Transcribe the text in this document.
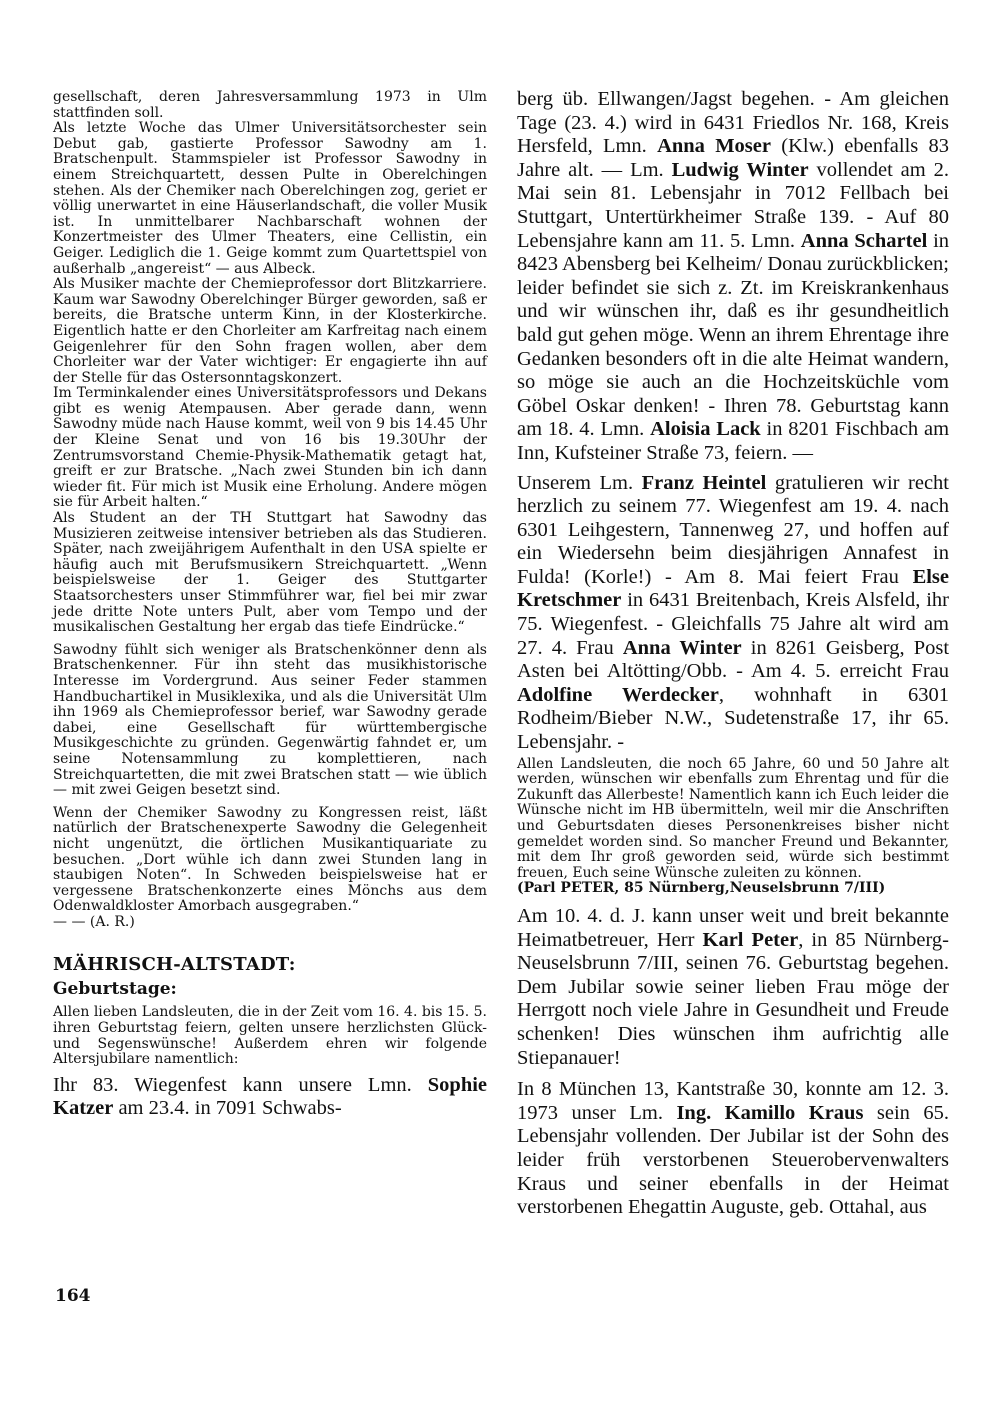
gesellschaft, deren Jahresversammlung 1973 in Ulm stattfinden soll.

Als letzte Woche das Ulmer Universitätsorchester sein Debut gab, gastierte Professor Sawodny am 1. Bratschenpult. Stammspieler ist Professor Sawodny in einem Streichquartett, dessen Pulte in Oberelchingen stehen. Als der Chemiker nach Oberelchingen zog, geriet er völlig unerwartet in eine Häuserlandschaft, die voller Musik ist. In unmittelbarer Nachbarschaft wohnen der Konzertmeister des Ulmer Theaters, eine Cellistin, ein Geiger. Lediglich die 1. Geige kommt zum Quartettspiel von außerhalb „angereist“ — aus Albeck.

Als Musiker machte der Chemieprofessor dort Blitzkarriere. Kaum war Sawodny Oberelchinger Bürger geworden, saß er bereits, die Bratsche unterm Kinn, in der Klosterkirche. Eigentlich hatte er den Chorleiter am Karfreitag nach einem Geigenlehrer für den Sohn fragen wollen, aber dem Chorleiter war der Vater wichtiger: Er engagierte ihn auf der Stelle für das Ostersonntagskonzert.

Im Terminkalender eines Universitätsprofessors und Dekans gibt es wenig Atempausen. Aber gerade dann, wenn Sawodny müde nach Hause kommt, weil von 9 bis 14.45 Uhr der Kleine Senat und von 16 bis 19.30Uhr der Zentrumsvorstand Chemie-Physik-Mathematik getagt hat, greift er zur Bratsche. „Nach zwei Stunden bin ich dann wieder fit. Für mich ist Musik eine Erholung. Andere mögen sie für Arbeit halten.“

Als Student an der TH Stuttgart hat Sawodny das Musizieren zeitweise intensiver betrieben als das Studieren. Später, nach zweijährigem Aufenthalt in den USA spielte er häufig auch mit Berufsmusikern Streichquartett. „Wenn beispielsweise der 1. Geiger des Stuttgarter Staatsorchesters unser Stimmführer war, fiel bei mir zwar jede dritte Note unters Pult, aber vom Tempo und der musikalischen Gestaltung her ergab das tiefe Eindrücke.“

Sawodny fühlt sich weniger als Bratschenkönner denn als Bratschenkenner. Für ihn steht das musikhistorische Interesse im Vordergrund. Aus seiner Feder stammen Handbuchartikel in Musiklexika, und als die Universität Ulm ihn 1969 als Chemieprofessor berief, war Sawodny gerade dabei, eine Gesellschaft für württembergische Musikgeschichte zu gründen. Gegenwärtig fahndet er, um seine Notensammlung zu komplettieren, nach Streichquartetten, die mit zwei Bratschen statt — wie üblich — mit zwei Geigen besetzt sind.

Wenn der Chemiker Sawodny zu Kongressen reist, läßt natürlich der Bratschenexperte Sawodny die Gelegenheit nicht ungenützt, die örtlichen Musikantiquariate zu besuchen. „Dort wühle ich dann zwei Stunden lang in staubigen Noten“. In Schweden beispielsweise hat er vergessene Bratschenkonzerte eines Mönchs aus dem Odenwaldkloster Amorbach ausgegraben.“

— — (A. R.)

MÄHRISCH-ALTSTADT:
Geburtstage:

Allen lieben Landsleuten, die in der Zeit vom 16. 4. bis 15. 5. ihren Geburtstag feiern, gelten unsere herzlichsten Glück- und Segenswünsche! Außerdem ehren wir folgende Altersjubilare namentlich:

Ihr 83. Wiegenfest kann unsere Lmn. Sophie Katzer am 23.4. in 7091 Schwabs-

berg üb. Ellwangen/Jagst begehen. - Am gleichen Tage (23. 4.) wird in 6431 Friedlos Nr. 168, Kreis Hersfeld, Lmn. Anna Moser (Klw.) ebenfalls 83 Jahre alt. — Lm. Ludwig Winter vollendet am 2. Mai sein 81. Lebensjahr in 7012 Fellbach bei Stuttgart, Untertürkheimer Straße 139. - Auf 80 Lebensjahre kann am 11. 5. Lmn. Anna Schartel in 8423 Abensberg bei Kelheim/ Donau zurückblicken; leider befindet sie sich z. Zt. im Kreiskrankenhaus und wir wünschen ihr, daß es ihr gesundheitlich bald gut gehen möge. Wenn an ihrem Ehrentage ihre Gedanken besonders oft in die alte Heimat wandern, so möge sie auch an die Hochzeitsküchle vom Göbel Oskar denken! - Ihren 78. Geburtstag kann am 18. 4. Lmn. Aloisia Lack in 8201 Fischbach am Inn, Kufsteiner Straße 73, feiern. —

Unserem Lm. Franz Heintel gratulieren wir recht herzlich zu seinem 77. Wiegenfest am 19. 4. nach 6301 Leihgestern, Tannenweg 27, und hoffen auf ein Wiedersehn beim diesjährigen Annafest in Fulda! (Korle!) - Am 8. Mai feiert Frau Else Kretschmer in 6431 Breitenbach, Kreis Alsfeld, ihr 75. Wiegenfest. - Gleichfalls 75 Jahre alt wird am 27. 4. Frau Anna Winter in 8261 Geisberg, Post Asten bei Altötting/Obb. - Am 4. 5. erreicht Frau Adolfine Werdecker, wohnhaft in 6301 Rodheim/Bieber N.W., Sudetenstraße 17, ihr 65. Lebensjahr. -

Allen Landsleuten, die noch 65 Jahre, 60 und 50 Jahre alt werden, wünschen wir ebenfalls zum Ehrentag und für die Zukunft das Allerbeste! Namentlich kann ich Euch leider die Wünsche nicht im HB übermitteln, weil mir die Anschriften und Geburtsdaten dieses Personenkreises bisher nicht gemeldet worden sind. So mancher Freund und Bekannter, mit dem Ihr groß geworden seid, würde sich bestimmt freuen, Euch seine Wünsche zuleiten zu können.

(Parl PETER, 85 Nürnberg,Neuselsbrunn 7/III)

Am 10. 4. d. J. kann unser weit und breit bekannte Heimatbetreuer, Herr Karl Peter, in 85 Nürnberg-Neuselsbrunn 7/III, seinen 76. Geburtstag begehen. Dem Jubilar sowie seiner lieben Frau möge der Herrgott noch viele Jahre in Gesundheit und Freude schenken! Dies wünschen ihm aufrichtig alle Stiepanauer!

In 8 München 13, Kantstraße 30, konnte am 12. 3. 1973 unser Lm. Ing. Kamillo Kraus sein 65. Lebensjahr vollenden. Der Jubilar ist der Sohn des leider früh verstorbenen Steuerobervenwalters Kraus und seiner ebenfalls in der Heimat verstorbenen Ehegattin Auguste, geb. Ottahal, aus

164
